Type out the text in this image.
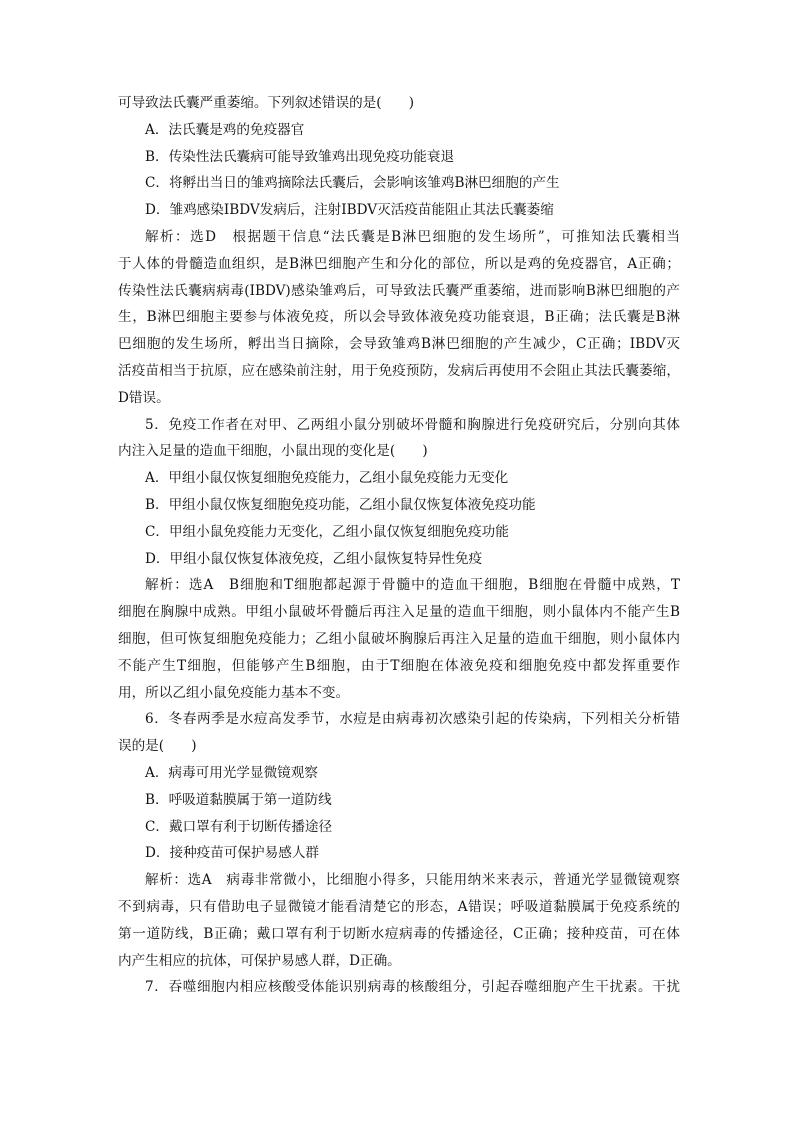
可导致法氏囊严重萎缩。下列叙述错误的是(　　)
A．法氏囊是鸡的免疫器官
B．传染性法氏囊病可能导致雏鸡出现免疫功能衰退
C．将孵出当日的雏鸡摘除法氏囊后，会影响该雏鸡B淋巴细胞的产生
D．雏鸡感染IBDV发病后，注射IBDV灭活疫苗能阻止其法氏囊萎缩
解析：选D　根据题干信息“法氏囊是B淋巴细胞的发生场所”，可推知法氏囊相当
于人体的骨髓造血组织，是B淋巴细胞产生和分化的部位，所以是鸡的免疫器官，A正确；
传染性法氏囊病病毒(IBDV)感染雏鸡后，可导致法氏囊严重萎缩，进而影响B淋巴细胞的产
生，B淋巴细胞主要参与体液免疫，所以会导致体液免疫功能衰退，B正确；法氏囊是B淋
巴细胞的发生场所，孵出当日摘除，会导致雏鸡B淋巴细胞的产生减少，C正确；IBDV灭
活疫苗相当于抗原，应在感染前注射，用于免疫预防，发病后再使用不会阻止其法氏囊萎缩，
D错误。
5．免疫工作者在对甲、乙两组小鼠分别破坏骨髓和胸腺进行免疫研究后，分别向其体
内注入足量的造血干细胞，小鼠出现的变化是(　　)
A．甲组小鼠仅恢复细胞免疫能力，乙组小鼠免疫能力无变化
B．甲组小鼠仅恢复细胞免疫功能，乙组小鼠仅恢复体液免疫功能
C．甲组小鼠免疫能力无变化，乙组小鼠仅恢复细胞免疫功能
D．甲组小鼠仅恢复体液免疫，乙组小鼠恢复特异性免疫
解析：选A　B细胞和T细胞都起源于骨髓中的造血干细胞，B细胞在骨髓中成熟，T
细胞在胸腺中成熟。甲组小鼠破坏骨髓后再注入足量的造血干细胞，则小鼠体内不能产生B
细胞，但可恢复细胞免疫能力；乙组小鼠破坏胸腺后再注入足量的造血干细胞，则小鼠体内
不能产生T细胞，但能够产生B细胞，由于T细胞在体液免疫和细胞免疫中都发挥重要作
用，所以乙组小鼠免疫能力基本不变。
6．冬春两季是水痘高发季节，水痘是由病毒初次感染引起的传染病，下列相关分析错
误的是(　　)
A．病毒可用光学显微镜观察
B．呼吸道黏膜属于第一道防线
C．戴口罩有利于切断传播途径
D．接种疫苗可保护易感人群
解析：选A　病毒非常微小，比细胞小得多，只能用纳米来表示，普通光学显微镜观察
不到病毒，只有借助电子显微镜才能看清楚它的形态，A错误；呼吸道黏膜属于免疫系统的
第一道防线，B正确；戴口罩有利于切断水痘病毒的传播途径，C正确；接种疫苗，可在体
内产生相应的抗体，可保护易感人群，D正确。
7．吞噬细胞内相应核酸受体能识别病毒的核酸组分，引起吞噬细胞产生干扰素。干扰
